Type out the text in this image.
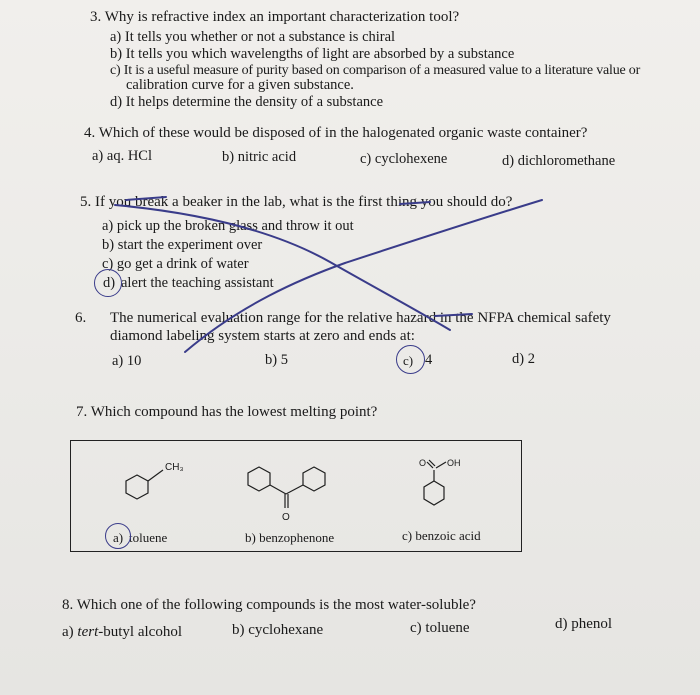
3. Why is refractive index an important characterization tool?
a) It tells you whether or not a substance is chiral
b) It tells you which wavelengths of light are absorbed by a substance
c) It is a useful measure of purity based on comparison of a measured value to a literature value or
calibration curve for a given substance.
d) It helps determine the density of a substance
4. Which of these would be disposed of in the halogenated organic waste container?
a) aq. HCl	b) nitric acid	c) cyclohexene	d) dichloromethane
5. If you break a beaker in the lab, what is the first thing you should do?
a) pick up the broken glass and throw it out
b) start the experiment over
c) go get a drink of water
d) alert the teaching assistant
6. The numerical evaluation range for the relative hazard in the NFPA chemical safety
diamond labeling system starts at zero and ends at:
a) 10	b) 5	c) 4	d) 2
7. Which compound has the lowest melting point?
CH₃
O
O OH
a) toluene	b) benzophenone	c) benzoic acid
8. Which one of the following compounds is the most water-soluble?
a) tert-butyl alcohol	b) cyclohexane	c) toluene	d) phenol
